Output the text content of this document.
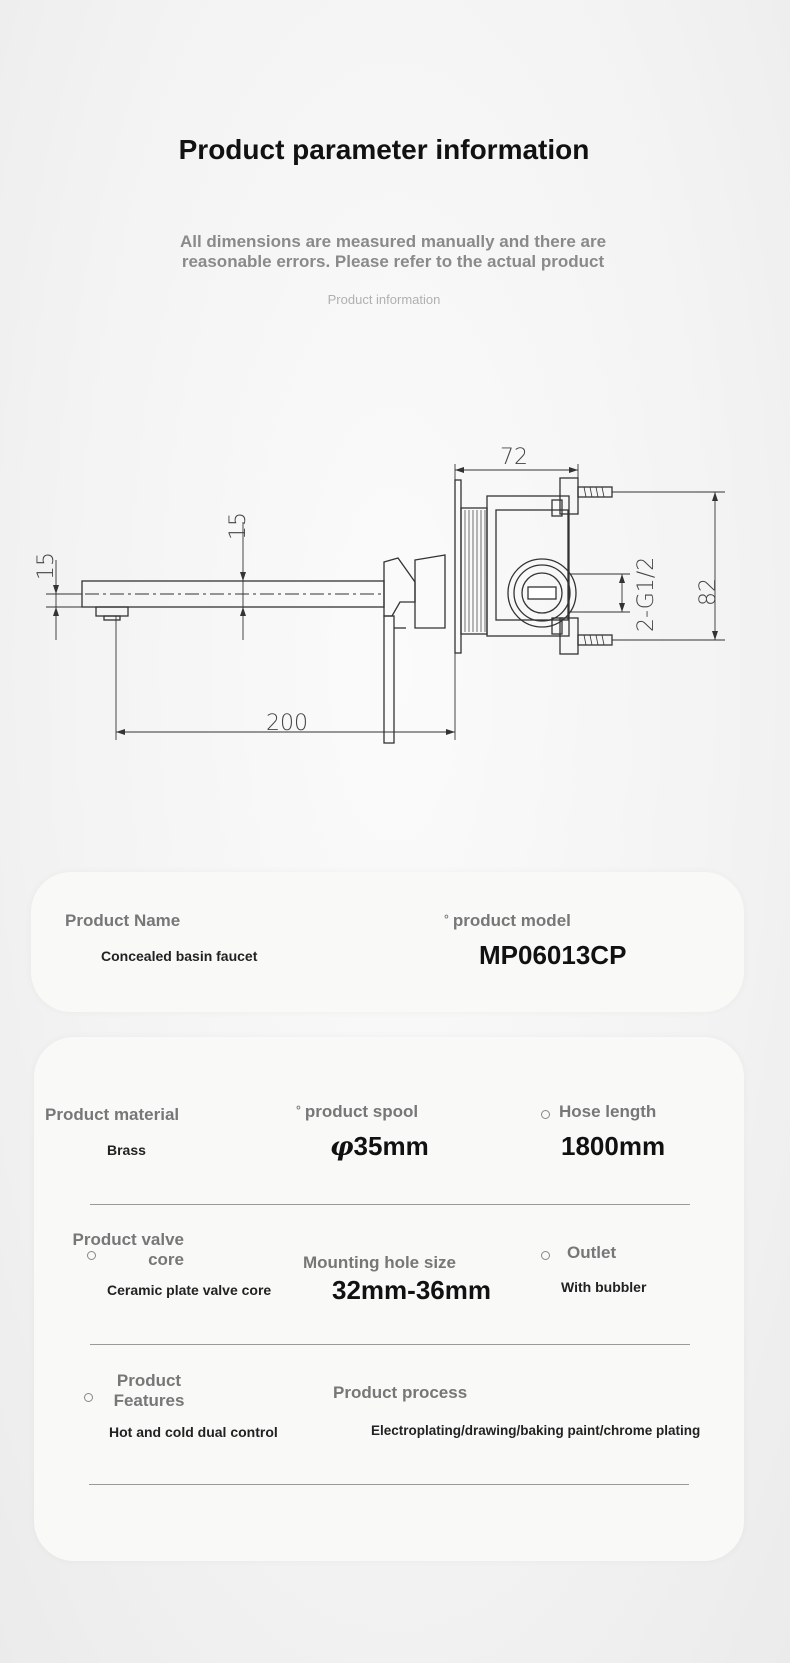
Product parameter information
All dimensions are measured manually and there are
reasonable errors. Please refer to the actual product
Product information
72
200
15
15
82
2-G1/2
Product Name
Concealed basin faucet
° product model
MP06013CP
Product material
Brass
° product spool
φ35mm
Hose length
1800mm
Product valve
core
Ceramic plate valve core
Mounting hole size
32mm-36mm
Outlet
With bubbler
Product
Features
Hot and cold dual control
Product process
Electroplating/drawing/baking paint/chrome plating
